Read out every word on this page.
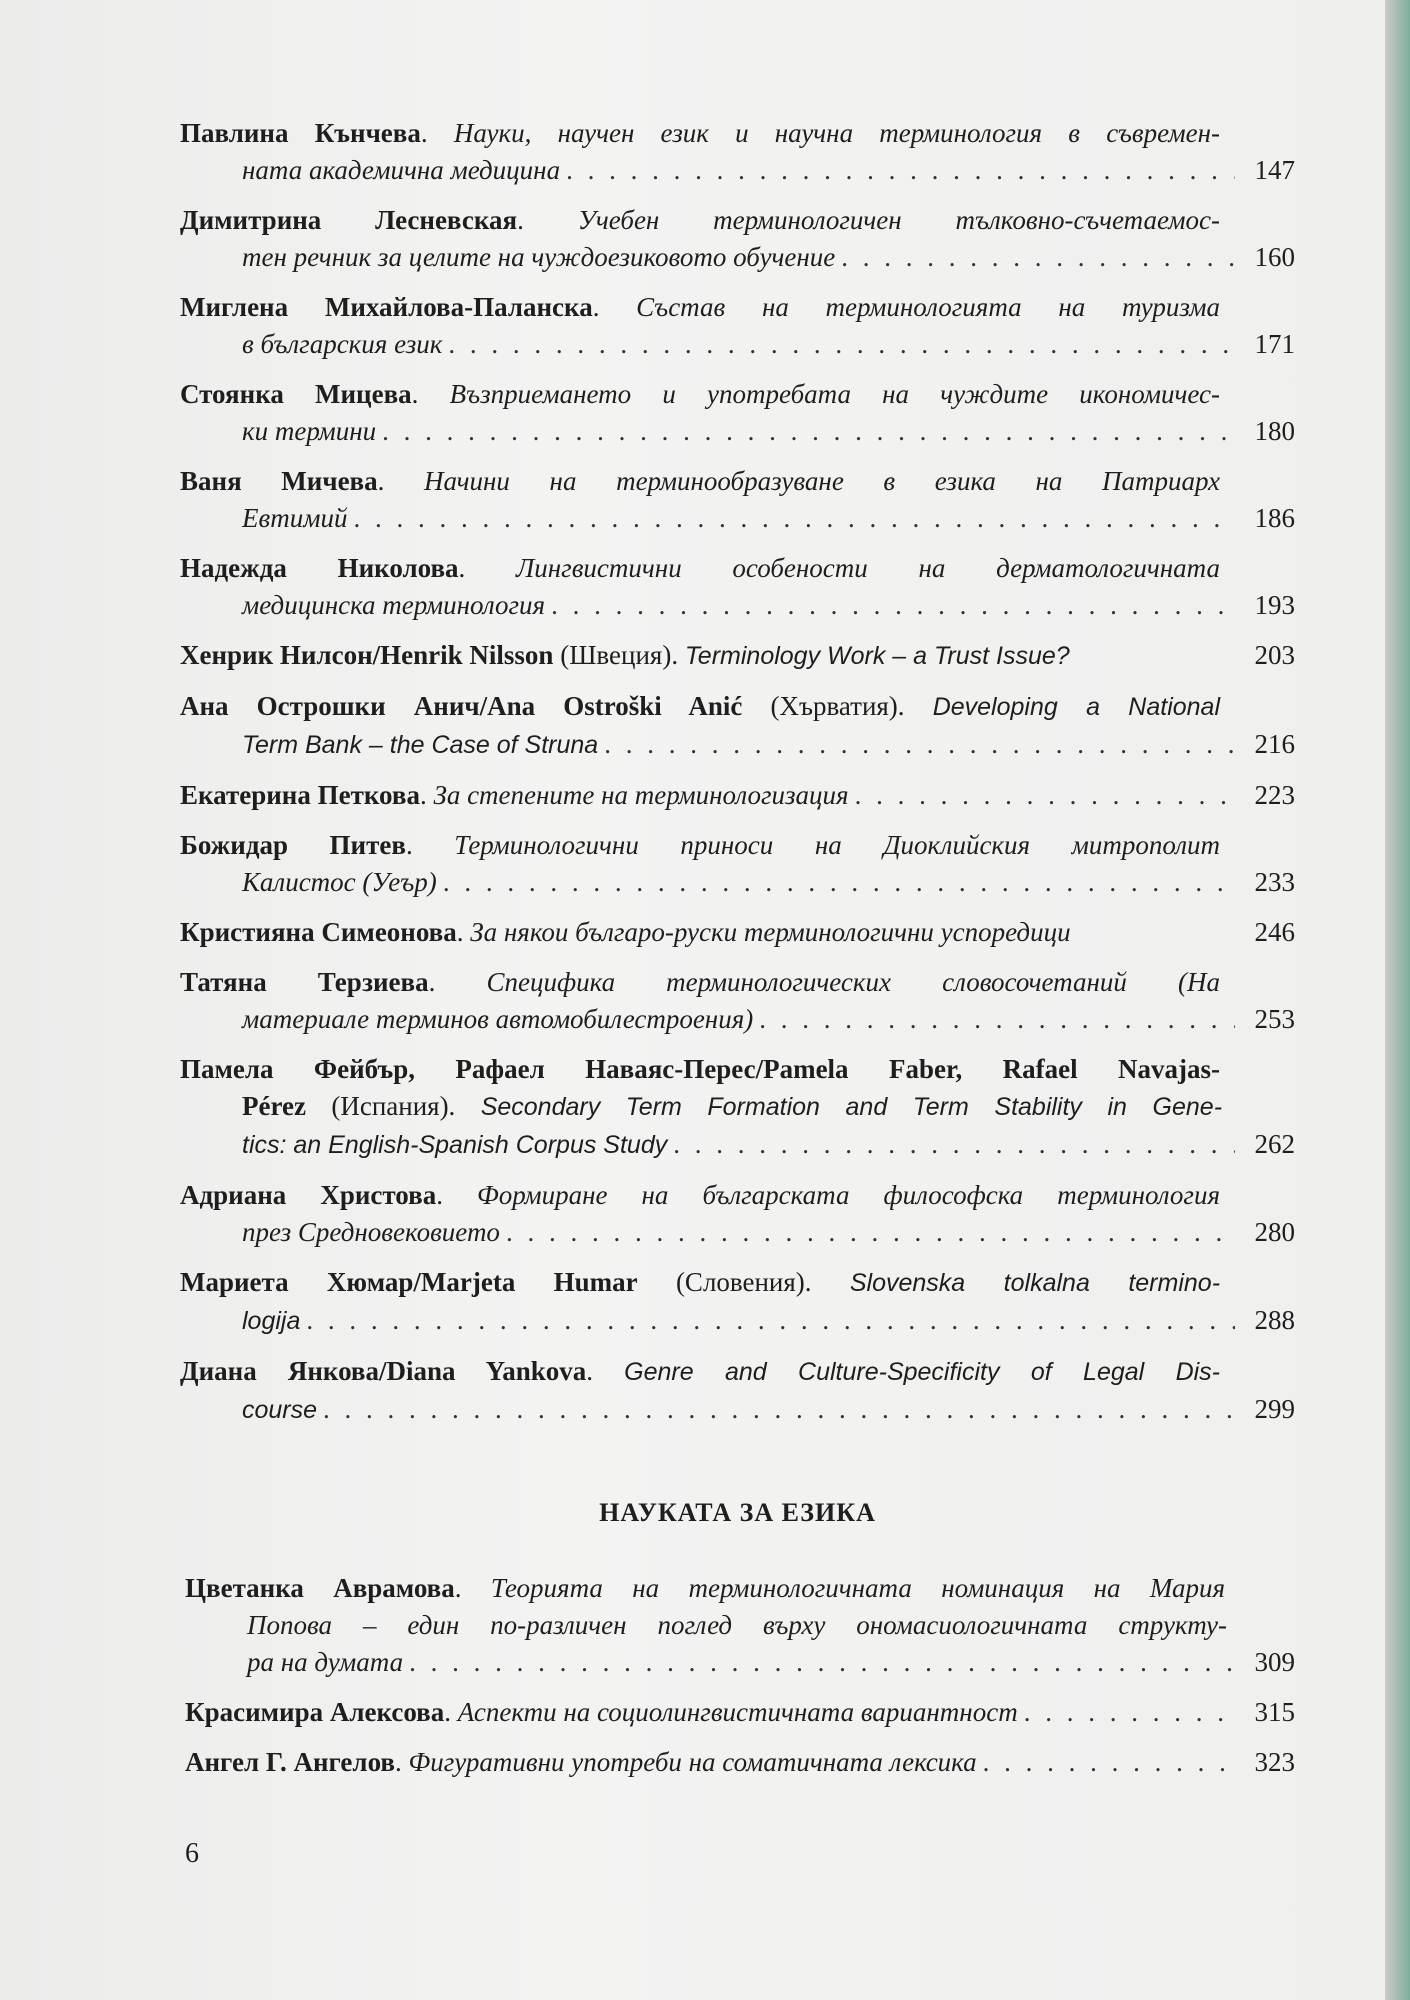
Павлина Кънчева. Науки, научен език и научна терминология в съвремен-
ната академична медицина . . .	147
Димитрина Лесневская. Учебен терминологичен тълковно-съчетаемос-
тен речник за целите на чуждоезиковото обучение . . .	160
Миглена Михайлова-Паланска. Състав на терминологията на туризма
в българския език . . .	171
Стоянка Мицева. Възприемането и употребата на чуждите икономичес-
ки термини . . .	180
Ваня Мичева. Начини на терминообразуване в езика на Патриарх
Евтимий . . .	186
Надежда Николова. Лингвистични особености на дерматологичната
медицинска терминология . . .	193
Хенрик Нилсон/Henrik Nilsson (Швеция). Terminology Work – a Trust Issue?	203
Ана Острошки Анич/Ana Ostroški Anić (Хърватия). Developing a National
Term Bank – the Case of Struna . . .	216
Екатерина Петкова. За степените на терминологизация . . .	223
Божидар Питев. Терминологични приноси на Диоклийския митрополит
Калистос (Уеър) . . .	233
Кристияна Симеонова. За някои българо-руски терминологични успоредици	246
Татяна Терзиева. Специфика терминологических словосочетаний (На
материале терминов автомобилестроения) . . .	253
Памела Фейбър, Рафаел Наваяс-Перес/Pamela Faber, Rafael Navajas-
Pérez (Испания). Secondary Term Formation and Term Stability in Gene-
tics: an English-Spanish Corpus Study . . .	262
Адриана Христова. Формиране на българската философска терминология
през Средновековието . . .	280
Мариета Хюмар/Marjeta Humar (Словения). Slovenska tolkalna termino-
logija . . .	288
Диана Янкова/Diana Yankova. Genre and Culture-Specificity of Legal Dis-
course . . .	299
НАУКАТА ЗА ЕЗИКА
Цветанка Аврамова. Теорията на терминологичната номинация на Мария
Попова – един по-различен поглед върху ономасиологичната структу-
ра на думата . . .	309
Красимира Алексова. Аспекти на социолингвистичната вариантност . . .	315
Ангел Г. Ангелов. Фигуративни употреби на соматичната лексика . . .	323
6
